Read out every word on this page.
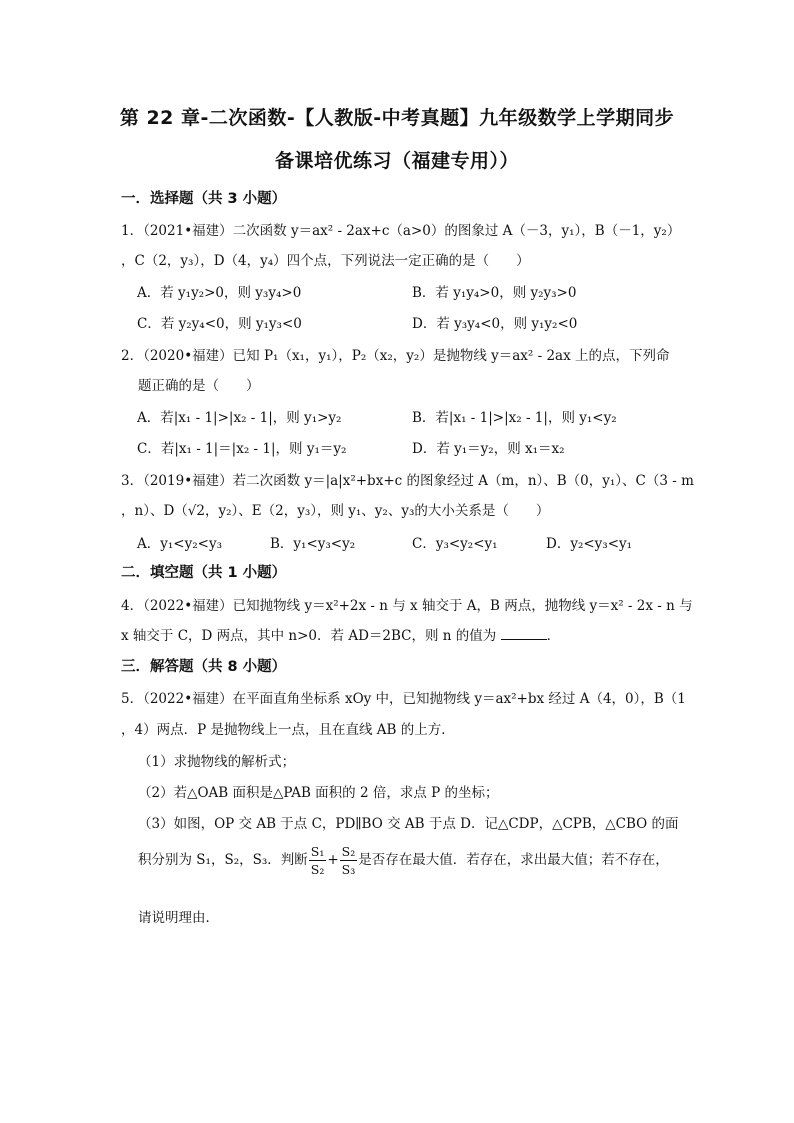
第 22 章-二次函数-【人教版-中考真题】九年级数学上学期同步
备课培优练习（福建专用））
一．选择题（共 3 小题）
1．（2021•福建）二次函数 y＝ax² - 2ax+c（a>0）的图象过 A（－3，y₁），B（－1，y₂）
，C（2，y₃），D（4，y₄）四个点，下列说法一定正确的是（　　）
A．若 y₁y₂>0，则 y₃y₄>0	B．若 y₁y₄>0，则 y₂y₃>0
C．若 y₂y₄<0，则 y₁y₃<0	D．若 y₃y₄<0，则 y₁y₂<0
2．（2020•福建）已知 P₁（x₁，y₁），P₂（x₂，y₂）是抛物线 y＝ax² - 2ax 上的点，下列命
题正确的是（　　）
A．若|x₁ - 1|>|x₂ - 1|，则 y₁>y₂	B．若|x₁ - 1|>|x₂ - 1|，则 y₁<y₂
C．若|x₁ - 1|＝|x₂ - 1|，则 y₁＝y₂	D．若 y₁＝y₂，则 x₁＝x₂
3．（2019•福建）若二次函数 y＝|a|x²+bx+c 的图象经过 A（m，n）、B（0，y₁）、C（3 - m
，n）、D（√2，y₂）、E（2，y₃），则 y₁、y₂、y₃的大小关系是（　　）
A．y₁<y₂<y₃	B．y₁<y₃<y₂	C．y₃<y₂<y₁	D．y₂<y₃<y₁
二．填空题（共 1 小题）
4．（2022•福建）已知抛物线 y＝x²+2x - n 与 x 轴交于 A，B 两点，抛物线 y＝x² - 2x - n 与
x 轴交于 C，D 两点，其中 n>0．若 AD＝2BC，则 n 的值为	．
三．解答题（共 8 小题）
5．（2022•福建）在平面直角坐标系 xOy 中，已知抛物线 y＝ax²+bx 经过 A（4，0），B（1
，4）两点．P 是抛物线上一点，且在直线 AB 的上方．
（1）求抛物线的解析式；
（2）若△OAB 面积是△PAB 面积的 2 倍，求点 P 的坐标；
（3）如图，OP 交 AB 于点 C，PD∥BO 交 AB 于点 D．记△CDP，△CPB，△CBO 的面
积分别为 S₁，S₂，S₃．判断 $\frac{\text{S₁}}{\text{S₂}} + \frac{\text{S₂}}{\text{S₃}}$ 是否存在最大值．若存在，求出最大值；若不存在，
请说明理由．
